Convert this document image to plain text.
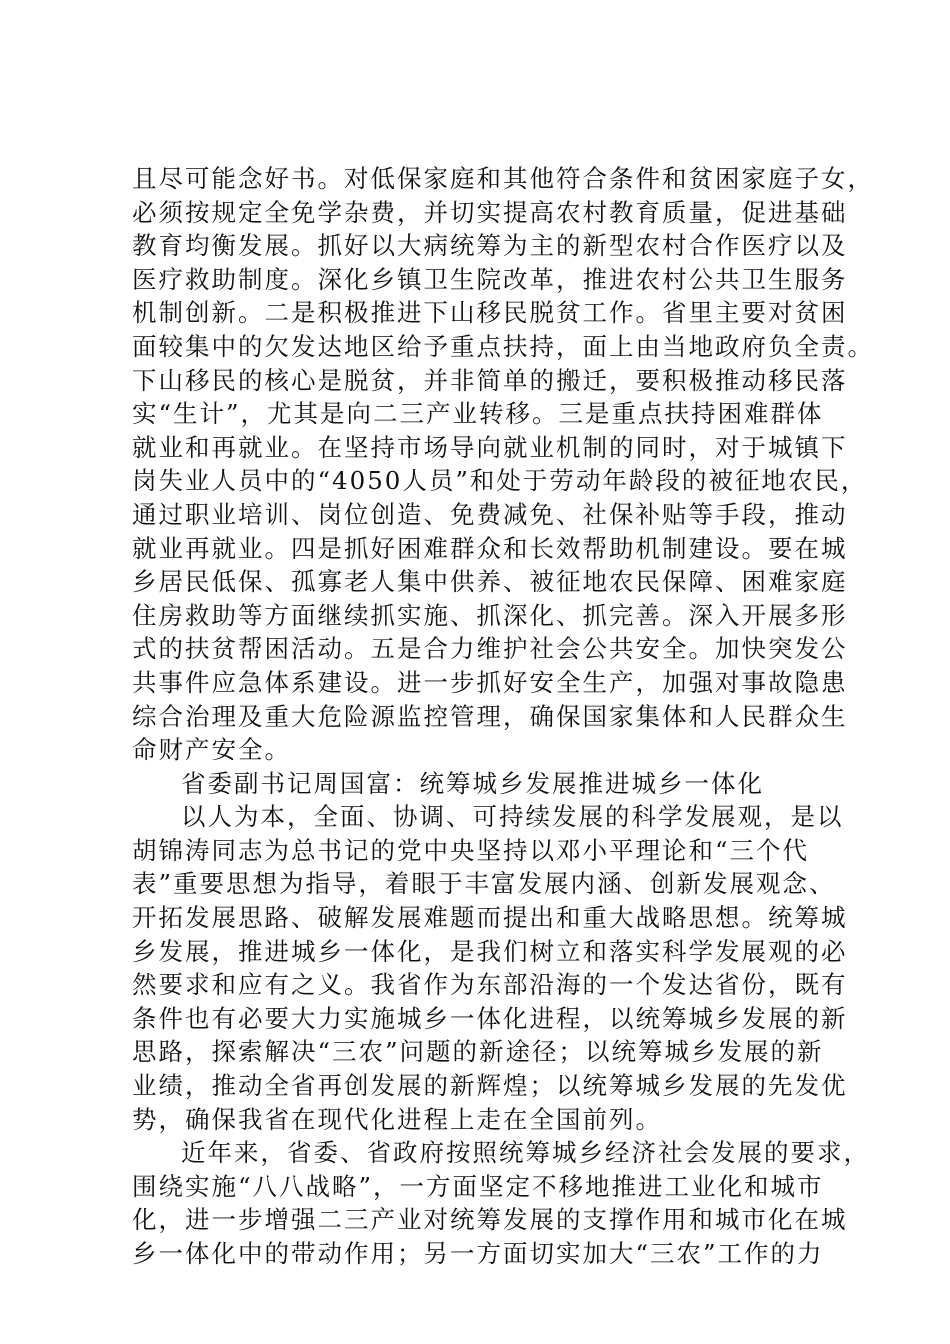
且尽可能念好书。对低保家庭和其他符合条件和贫困家庭子女，
必须按规定全免学杂费，并切实提高农村教育质量，促进基础
教育均衡发展。抓好以大病统筹为主的新型农村合作医疗以及
医疗救助制度。深化乡镇卫生院改革，推进农村公共卫生服务
机制创新。二是积极推进下山移民脱贫工作。省里主要对贫困
面较集中的欠发达地区给予重点扶持，面上由当地政府负全责。
下山移民的核心是脱贫，并非简单的搬迁，要积极推动移民落
实“生计”，尤其是向二三产业转移。三是重点扶持困难群体
就业和再就业。在坚持市场导向就业机制的同时，对于城镇下
岗失业人员中的“4050人员”和处于劳动年龄段的被征地农民，
通过职业培训、岗位创造、免费减免、社保补贴等手段，推动
就业再就业。四是抓好困难群众和长效帮助机制建设。要在城
乡居民低保、孤寡老人集中供养、被征地农民保障、困难家庭
住房救助等方面继续抓实施、抓深化、抓完善。深入开展多形
式的扶贫帮困活动。五是合力维护社会公共安全。加快突发公
共事件应急体系建设。进一步抓好安全生产，加强对事故隐患
综合治理及重大危险源监控管理，确保国家集体和人民群众生
命财产安全。
省委副书记周国富：统筹城乡发展推进城乡一体化
以人为本，全面、协调、可持续发展的科学发展观，是以
胡锦涛同志为总书记的党中央坚持以邓小平理论和“三个代
表”重要思想为指导，着眼于丰富发展内涵、创新发展观念、
开拓发展思路、破解发展难题而提出和重大战略思想。统筹城
乡发展，推进城乡一体化，是我们树立和落实科学发展观的必
然要求和应有之义。我省作为东部沿海的一个发达省份，既有
条件也有必要大力实施城乡一体化进程，以统筹城乡发展的新
思路，探索解决“三农”问题的新途径；以统筹城乡发展的新
业绩，推动全省再创发展的新辉煌；以统筹城乡发展的先发优
势，确保我省在现代化进程上走在全国前列。
近年来，省委、省政府按照统筹城乡经济社会发展的要求，
围绕实施“八八战略”，一方面坚定不移地推进工业化和城市
化，进一步增强二三产业对统筹发展的支撑作用和城市化在城
乡一体化中的带动作用；另一方面切实加大“三农”工作的力
